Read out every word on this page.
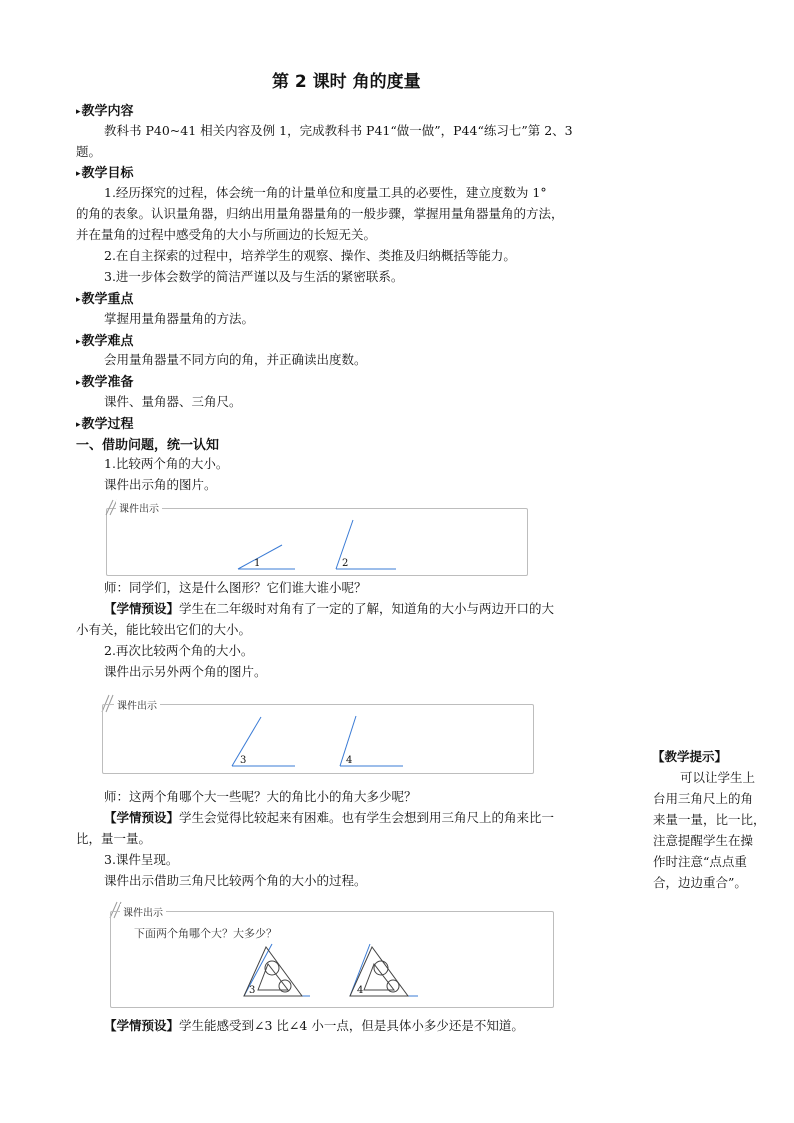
第 2 课时 角的度量
▸ 教学内容
教科书 P40~41 相关内容及例 1，完成教科书 P41“做一做”，P44“练习七”第 2、3
题。
▸ 教学目标
1.经历探究的过程，体会统一角的计量单位和度量工具的必要性，建立度数为 1°
的角的表象。认识量角器，归纳出用量角器量角的一般步骤，掌握用量角器量角的方法，
并在量角的过程中感受角的大小与所画边的长短无关。
2.在自主探索的过程中，培养学生的观察、操作、类推及归纳概括等能力。
3.进一步体会数学的简洁严谨以及与生活的紧密联系。
▸ 教学重点
掌握用量角器量角的方法。
▸ 教学难点
会用量角器量不同方向的角，并正确读出度数。
▸ 教学准备
课件、量角器、三角尺。
▸ 教学过程
一、借助问题，统一认知
1.比较两个角的大小。
课件出示角的图片。
课件出示
1	2
师：同学们，这是什么图形？它们谁大谁小呢？
【学情预设】学生在二年级时对角有了一定的了解，知道角的大小与两边开口的大
小有关，能比较出它们的大小。
2.再次比较两个角的大小。
课件出示另外两个角的图片。
课件出示
3	4
师：这两个角哪个大一些呢？大的角比小的角大多少呢？
【学情预设】学生会觉得比较起来有困难。也有学生会想到用三角尺上的角来比一
比，量一量。
3.课件呈现。
课件出示借助三角尺比较两个角的大小的过程。
课件出示
下面两个角哪个大？大多少？
3	4
【学情预设】学生能感受到∠3 比∠4 小一点，但是具体小多少还是不知道。
【教学提示】
可以让学生上
台用三角尺上的角
来量一量，比一比，
注意提醒学生在操
作时注意“点点重
合，边边重合”。
